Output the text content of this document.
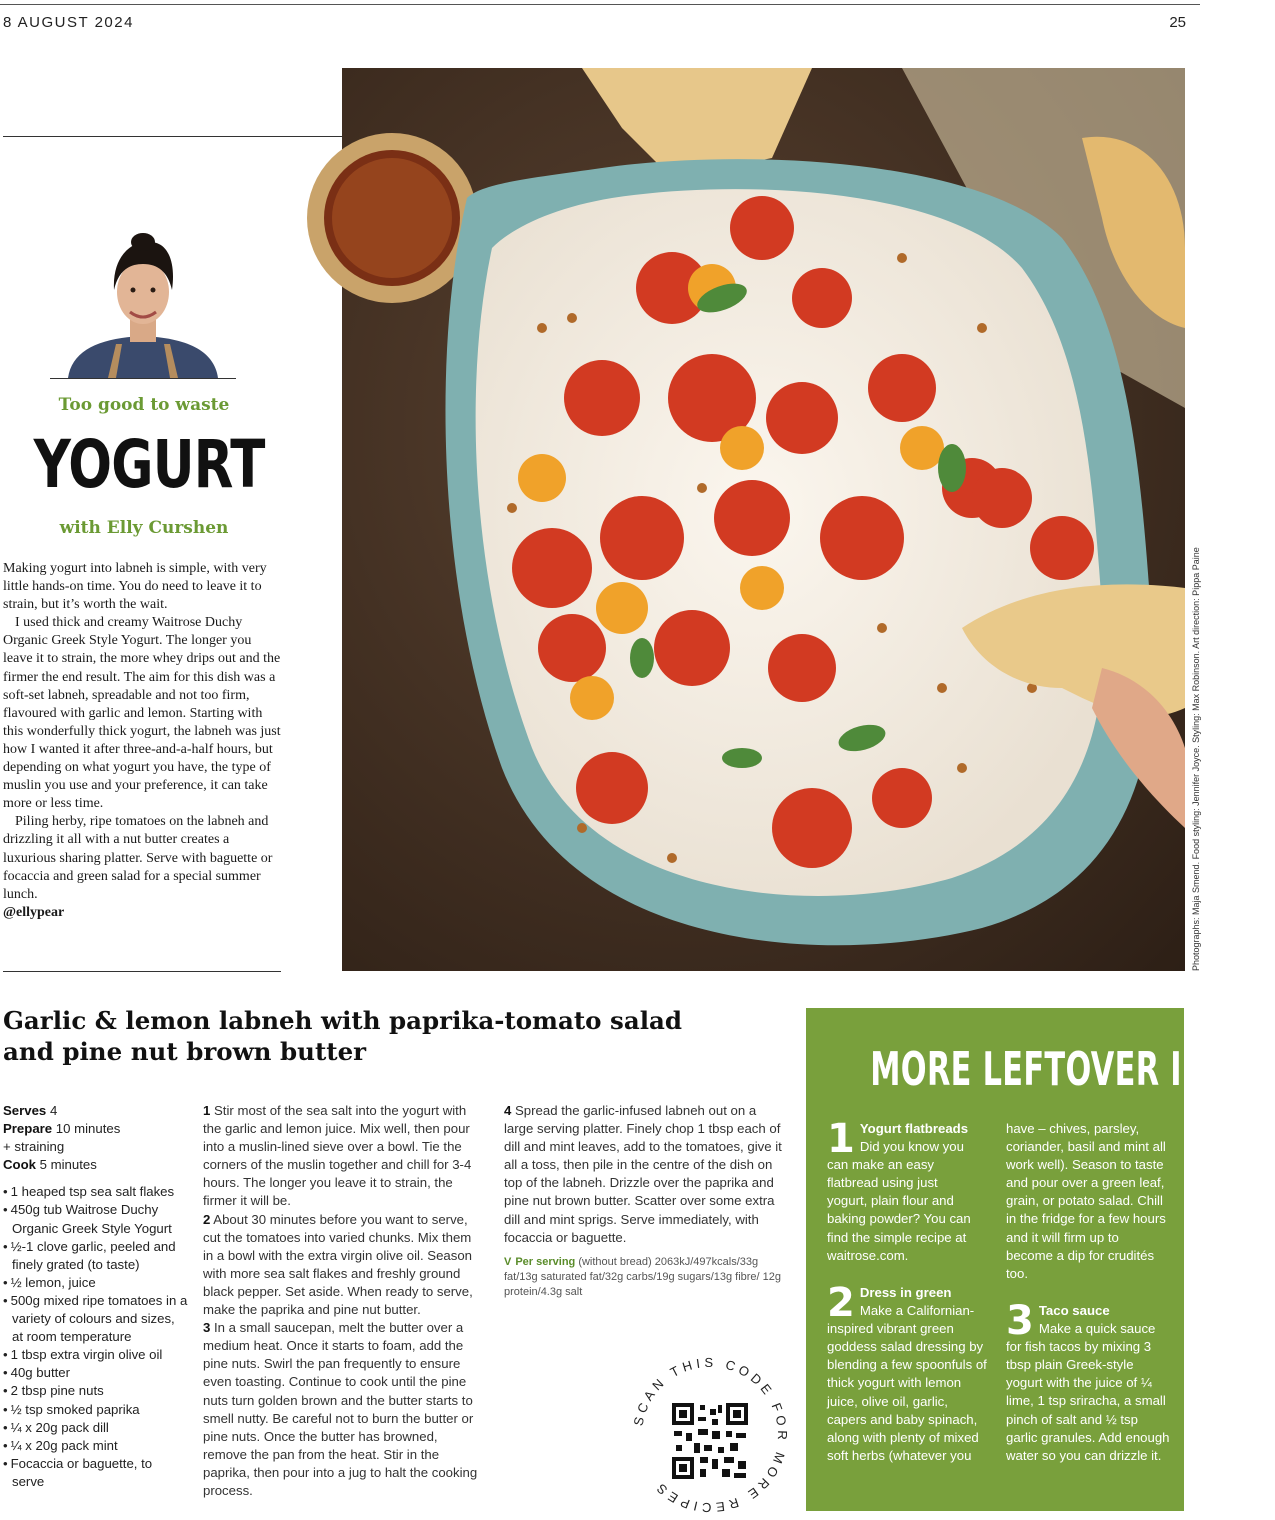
8 AUGUST 2024	25
Too good to waste
YOGURT
with Elly Curshen

Making yogurt into labneh is simple, with very little hands-on time. You do need to leave it to strain, but it’s worth the wait.

I used thick and creamy Waitrose Duchy Organic Greek Style Yogurt. The longer you leave it to strain, the more whey drips out and the firmer the end result. The aim for this dish was a soft-set labneh, spreadable and not too firm, flavoured with garlic and lemon. Starting with this wonderfully thick yogurt, the labneh was just how I wanted it after three-and-a-half hours, but depending on what yogurt you have, the type of muslin you use and your preference, it can take more or less time.

Piling herby, ripe tomatoes on the labneh and drizzling it all with a nut butter creates a luxurious sharing platter. Serve with baguette or focaccia and green salad for a special summer lunch.

@ellypear	Photographs: Maja Smend. Food styling: Jennifer Joyce. Styling: Max Robinson. Art direction: Pippa Paine
Garlic & lemon labneh with paprika-tomato salad and pine nut brown butter
Serves 4
Prepare 10 minutes
+ straining
Cook 5 minutes
• 1 heaped tsp sea salt flakes
• 450g tub Waitrose Duchy Organic Greek Style Yogurt
• ½-1 clove garlic, peeled and finely grated (to taste)
• ½ lemon, juice
• 500g mixed ripe tomatoes in a variety of colours and sizes, at room temperature
• 1 tbsp extra virgin olive oil
• 40g butter
• 2 tbsp pine nuts
• ½ tsp smoked paprika
• ¼ x 20g pack dill
• ¼ x 20g pack mint
• Focaccia or baguette, to serve

1 Stir most of the sea salt into the yogurt with the garlic and lemon juice. Mix well, then pour into a muslin-lined sieve over a bowl. Tie the corners of the muslin together and chill for 3-4 hours. The longer you leave it to strain, the firmer it will be.

2 About 30 minutes before you want to serve, cut the tomatoes into varied chunks. Mix them in a bowl with the extra virgin olive oil. Season with more sea salt flakes and freshly ground black pepper. Set aside. When ready to serve, make the paprika and pine nut butter.

3 In a small saucepan, melt the butter over a medium heat. Once it starts to foam, add the pine nuts. Swirl the pan frequently to ensure even toasting. Continue to cook until the pine nuts turn golden brown and the butter starts to smell nutty. Be careful not to burn the butter or pine nuts. Once the butter has browned, remove the pan from the heat. Stir in the paprika, then pour into a jug to halt the cooking process.

4 Spread the garlic-infused labneh out on a large serving platter. Finely chop 1 tbsp each of dill and mint leaves, add to the tomatoes, give it all a toss, then pile in the centre of the dish on top of the labneh. Drizzle over the paprika and pine nut brown butter. Scatter over some extra dill and mint sprigs. Serve immediately, with focaccia or baguette.

V Per serving (without bread) 2063kJ/497kcals/33g fat/13g saturated fat/32g carbs/19g sugars/13g fibre/ 12g protein/4.3g salt

SCAN THIS CODE FOR MORE RECIPES
MORE LEFTOVER IDEAS
1 Yogurt flatbreads
Did you know you can make an easy flatbread using just yogurt, plain flour and baking powder? You can find the simple recipe at waitrose.com.
have – chives, parsley, coriander, basil and mint all work well). Season to taste and pour over a green leaf, grain, or potato salad. Chill in the fridge for a few hours and it will firm up to become a dip for crudités too.
2 Dress in green
Make a Californian-inspired vibrant green goddess salad dressing by blending a few spoonfuls of thick yogurt with lemon juice, olive oil, garlic, capers and baby spinach, along with plenty of mixed soft herbs (whatever you
3 Taco sauce
Make a quick sauce for fish tacos by mixing 3 tbsp plain Greek-style yogurt with the juice of ¼ lime, 1 tsp sriracha, a small pinch of salt and ½ tsp garlic granules. Add enough water so you can drizzle it.
